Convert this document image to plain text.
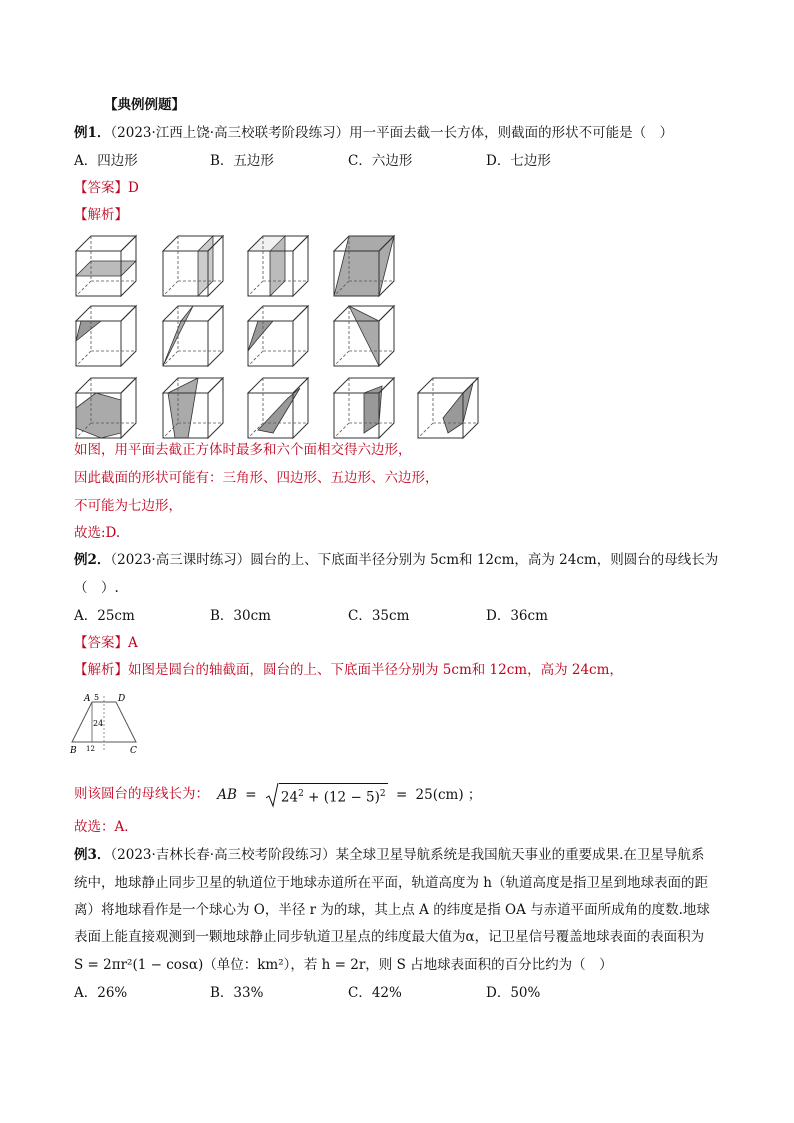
【典例例题】
例1．（2023·江西上饶·高三校联考阶段练习）用一平面去截一长方体，则截面的形状不可能是（　）
A．四边形	B．五边形	C．六边形	D．七边形
【答案】D
【解析】
如图，用平面去截正方体时最多和六个面相交得六边形，
因此截面的形状可能有：三角形、四边形、五边形、六边形，
不可能为七边形，
故选:D.
例2．（2023·高三课时练习）圆台的上、下底面半径分别为 5cm和 12cm，高为 24cm，则圆台的母线长为
（　）.
A．25cm	B．30cm	C．35cm	D．36cm
【答案】A
【解析】如图是圆台的轴截面，圆台的上、下底面半径分别为 5cm和 12cm，高为 24cm，
A	D
B	C
5
24
12
则该圆台的母线长为： AB = $24^2 + (12 - 5)^2 = 25(cm)$ ；
故选：A．
例3．（2023·吉林长春·高三校考阶段练习）某全球卫星导航系统是我国航天事业的重要成果.在卫星导航系
统中，地球静止同步卫星的轨道位于地球赤道所在平面，轨道高度为 h（轨道高度是指卫星到地球表面的距
离）将地球看作是一个球心为 O，半径 r 为的球，其上点 A 的纬度是指 OA 与赤道平面所成角的度数.地球
表面上能直接观测到一颗地球静止同步轨道卫星点的纬度最大值为α，记卫星信号覆盖地球表面的表面积为
S = 2πr²(1 − cosα)（单位：km²），若 h = 2r，则 S 占地球表面积的百分比约为（　）
A．26%	B．33%	C．42%	D．50%
